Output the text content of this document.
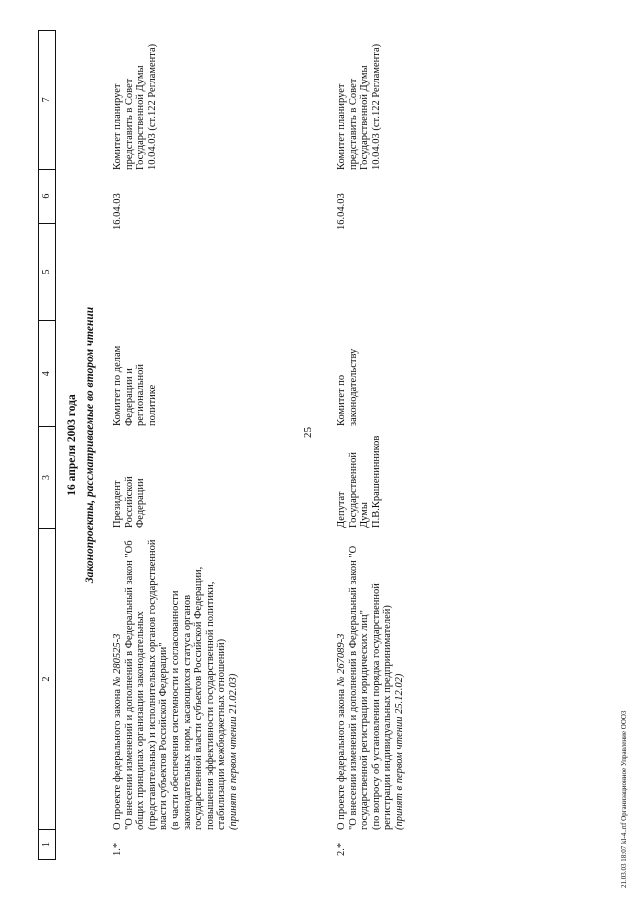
25
21.03.03 18:07 kl-4..rtf Организационное Управление ООО3
1
2
3
4
5
6
7
16 апреля 2003 года Законопроекты, рассматриваемые во втором чтении
1.*
О проекте федерального закона № 280525-3
"О внесении изменений и дополнений в Федеральный закон "Об общих принципах организации законодательных (представительных) и исполнительных органов государственной власти субъектов Российской Федерации"
(в части обеспечения системности и согласованности законодательных норм, касающихся статуса органов государственной власти субъектов Российской Федерации, повышения эффективности государственной политики, стабилизации межбюджетных отношений)
(принят в первом чтении 21.02.03)
Президент Российской Федерации
Комитет по делам Федерации и региональной политике
16.04.03
Комитет планирует представить в Совет Государственной Думы 10.04.03 (ст.122 Регламента)
2.*
О проекте федерального закона № 267089-3
"О внесении изменений и дополнений в Федеральный закон "О государственной регистрации юридических лиц"
(по вопросу об установлении порядка государственной регистрации индивидуальных предпринимателей)
(принят в первом чтении 25.12.02)
Депутат Государственной Думы П.В.Крашенинников
Комитет по законодательству
16.04.03
Комитет планирует представить в Совет Государственной Думы 10.04.03 (ст.122 Регламента)
